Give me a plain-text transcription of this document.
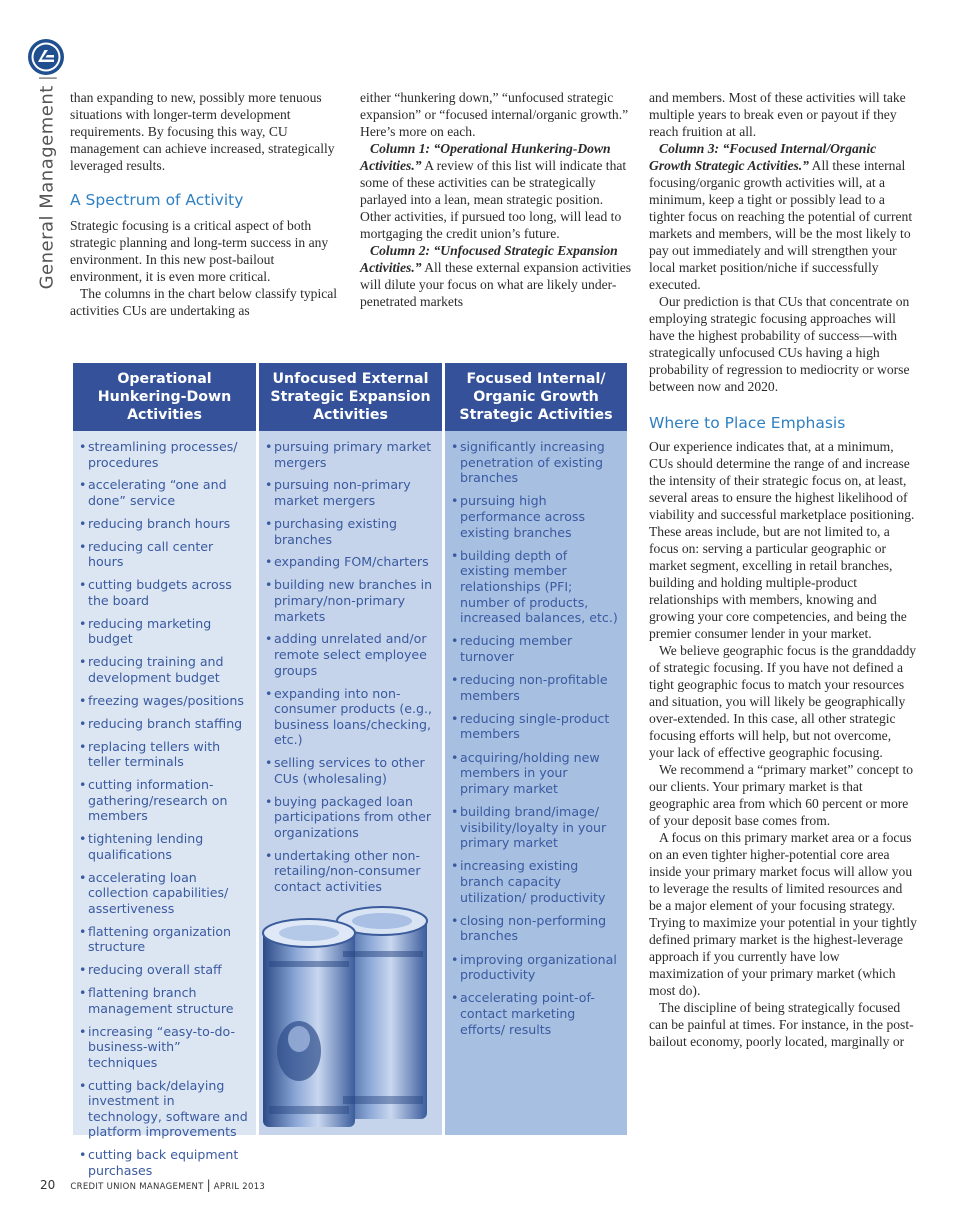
General Management|

than expanding to new, possibly more tenuous situations with longer-term development requirements. By focusing this way, CU management can achieve increased, strategically leveraged results.

A Spectrum of Activity

Strategic focusing is a critical aspect of both strategic planning and long-term success in any environment. In this new post-bailout environment, it is even more critical.

The columns in the chart below classify typical activities CUs are undertaking as

either “hunkering down,” “unfocused strategic expansion” or “focused internal/organic growth.” Here’s more on each.

Column 1: “Operational Hunkering-Down Activities.” A review of this list will indicate that some of these activities can be strategically parlayed into a lean, mean strategic position. Other activities, if pursued too long, will lead to mortgaging the credit union’s future.

Column 2: “Unfocused Strategic Expansion Activities.” All these external expansion activities will dilute your focus on what are likely under-penetrated markets

and members. Most of these activities will take multiple years to break even or payout if they reach fruition at all.

Column 3: “Focused Internal/Organic Growth Strategic Activities.” All these internal focusing/organic growth activities will, at a minimum, keep a tight or possibly lead to a tighter focus on reaching the potential of current markets and members, will be the most likely to pay out immediately and will strengthen your local market position/niche if successfully executed.

Our prediction is that CUs that concentrate on employing strategic focusing approaches will have the highest probability of success—with strategically unfocused CUs having a high probability of regression to mediocrity or worse between now and 2020.

Where to Place Emphasis

Our experience indicates that, at a minimum, CUs should determine the range of and increase the intensity of their strategic focus on, at least, several areas to ensure the highest likelihood of viability and successful marketplace positioning. These areas include, but are not limited to, a focus on: serving a particular geographic or market segment, excelling in retail branches, building and holding multiple-product relationships with members, knowing and growing your core competencies, and being the premier consumer lender in your market.

We believe geographic focus is the granddaddy of strategic focusing. If you have not defined a tight geographic focus to match your resources and situation, you will likely be geographically over-extended. In this case, all other strategic focusing efforts will help, but not overcome, your lack of effective geographic focusing.

We recommend a “primary market” concept to our clients. Your primary market is that geographic area from which 60 percent or more of your deposit base comes from.

A focus on this primary market area or a focus on an even tighter higher-potential core area inside your primary market focus will allow you to leverage the results of limited resources and be a major element of your focusing strategy. Trying to maximize your potential in your tightly defined primary market is the highest-leverage approach if you currently have low maximization of your primary market (which most do).

The discipline of being strategically focused can be painful at times. For instance, in the post-bailout economy, poorly located, marginally or

Operational Hunkering-Down Activities
• streamlining processes/ procedures
• accelerating “one and done” service
• reducing branch hours
• reducing call center hours
• cutting budgets across the board
• reducing marketing budget
• reducing training and development budget
• freezing wages/positions
• reducing branch staffing
• replacing tellers with teller terminals
• cutting information-gathering/research on members
• tightening lending qualifications
• accelerating loan collection capabilities/ assertiveness
• flattening organization structure
• reducing overall staff
• flattening branch management structure
• increasing “easy-to-do-business-with” techniques
• cutting back/delaying investment in technology, software and platform improvements
• cutting back equipment purchases
Unfocused External Strategic Expansion Activities
• pursuing primary market mergers
• pursuing non-primary market mergers
• purchasing existing branches
• expanding FOM/charters
• building new branches in primary/non-primary markets
• adding unrelated and/or remote select employee groups
• expanding into non-consumer products (e.g., business loans/checking, etc.)
• selling services to other CUs (wholesaling)
• buying packaged loan participations from other organizations
• undertaking other non-retailing/non-consumer contact activities
Focused Internal/ Organic Growth Strategic Activities
• significantly increasing penetration of existing branches
• pursuing high performance across existing branches
• building depth of existing member relationships (PFI; number of products, increased balances, etc.)
• reducing member turnover
• reducing non-profitable members
• reducing single-product members
• acquiring/holding new members in your primary market
• building brand/image/ visibility/loyalty in your primary market
• increasing existing branch capacity utilization/ productivity
• closing non-performing branches
• improving organizational productivity
• accelerating point-of-contact marketing efforts/ results
20 CREDIT UNION MANAGEMENT | APRIL 2013
